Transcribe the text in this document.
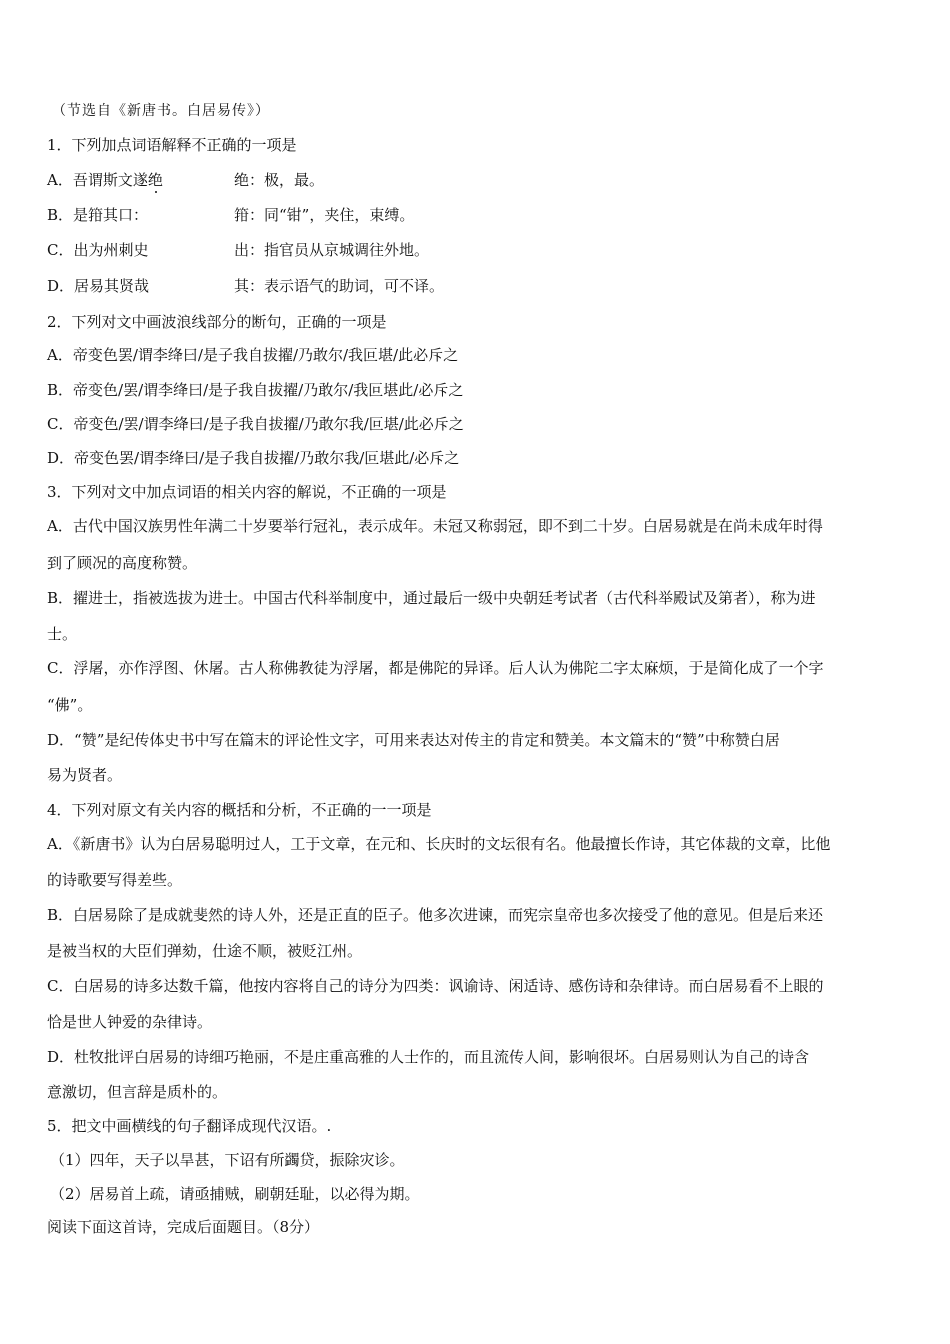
（节选自《新唐书。白居易传》）
1．下列加点词语解释不正确的一项是
A．吾谓斯文遂绝	绝：极，最。
B．是箝其口：	箝：同“钳”，夹住，束缚。
C．出为州刺史	出：指官员从京城调往外地。
D．居易其贤哉	其：表示语气的助词，可不译。
2．下列对文中画波浪线部分的断句，正确的一项是
A．帝变色罢/谓李绛曰/是子我自拔擢/乃敢尔/我叵堪/此必斥之
B．帝变色/罢/谓李绛曰/是子我自拔擢/乃敢尔/我叵堪此/必斥之
C．帝变色/罢/谓李绛曰/是子我自拔擢/乃敢尔我/叵堪/此必斥之
D．帝变色罢/谓李绛曰/是子我自拔擢/乃敢尔我/叵堪此/必斥之
3．下列对文中加点词语的相关内容的解说，不正确的一项是
A．古代中国汉族男性年满二十岁要举行冠礼，表示成年。未冠又称弱冠，即不到二十岁。白居易就是在尚未成年时得
到了顾况的高度称赞。
B．擢进士，指被选拔为进士。中国古代科举制度中，通过最后一级中央朝廷考试者（古代科举殿试及第者），称为进
士。
C．浮屠，亦作浮图、休屠。古人称佛教徒为浮屠，都是佛陀的异译。后人认为佛陀二字太麻烦，于是简化成了一个字
“佛”。
D．“赞”是纪传体史书中写在篇末的评论性文字，可用来表达对传主的肯定和赞美。本文篇末的“赞”中称赞白居
易为贤者。
4．下列对原文有关内容的概括和分析，不正确的一一项是
A．《新唐书》认为白居易聪明过人，工于文章，在元和、长庆时的文坛很有名。他最擅长作诗，其它体裁的文章，比他
的诗歌要写得差些。
B．白居易除了是成就斐然的诗人外，还是正直的臣子。他多次进谏，而宪宗皇帝也多次接受了他的意见。但是后来还
是被当权的大臣们弹劾，仕途不顺，被贬江州。
C．白居易的诗多达数千篇，他按内容将自己的诗分为四类：讽谕诗、闲适诗、感伤诗和杂律诗。而白居易看不上眼的
恰是世人钟爱的杂律诗。
D．杜牧批评白居易的诗细巧艳丽，不是庄重高雅的人士作的，而且流传人间，影响很坏。白居易则认为自己的诗含
意激切，但言辞是质朴的。
5．把文中画横线的句子翻译成现代汉语。.
（1）四年，天子以旱甚，下诏有所蠲贷，振除灾诊。
（2）居易首上疏，请亟捕贼，刷朝廷耻，以必得为期。
阅读下面这首诗，完成后面题目。（8分）
